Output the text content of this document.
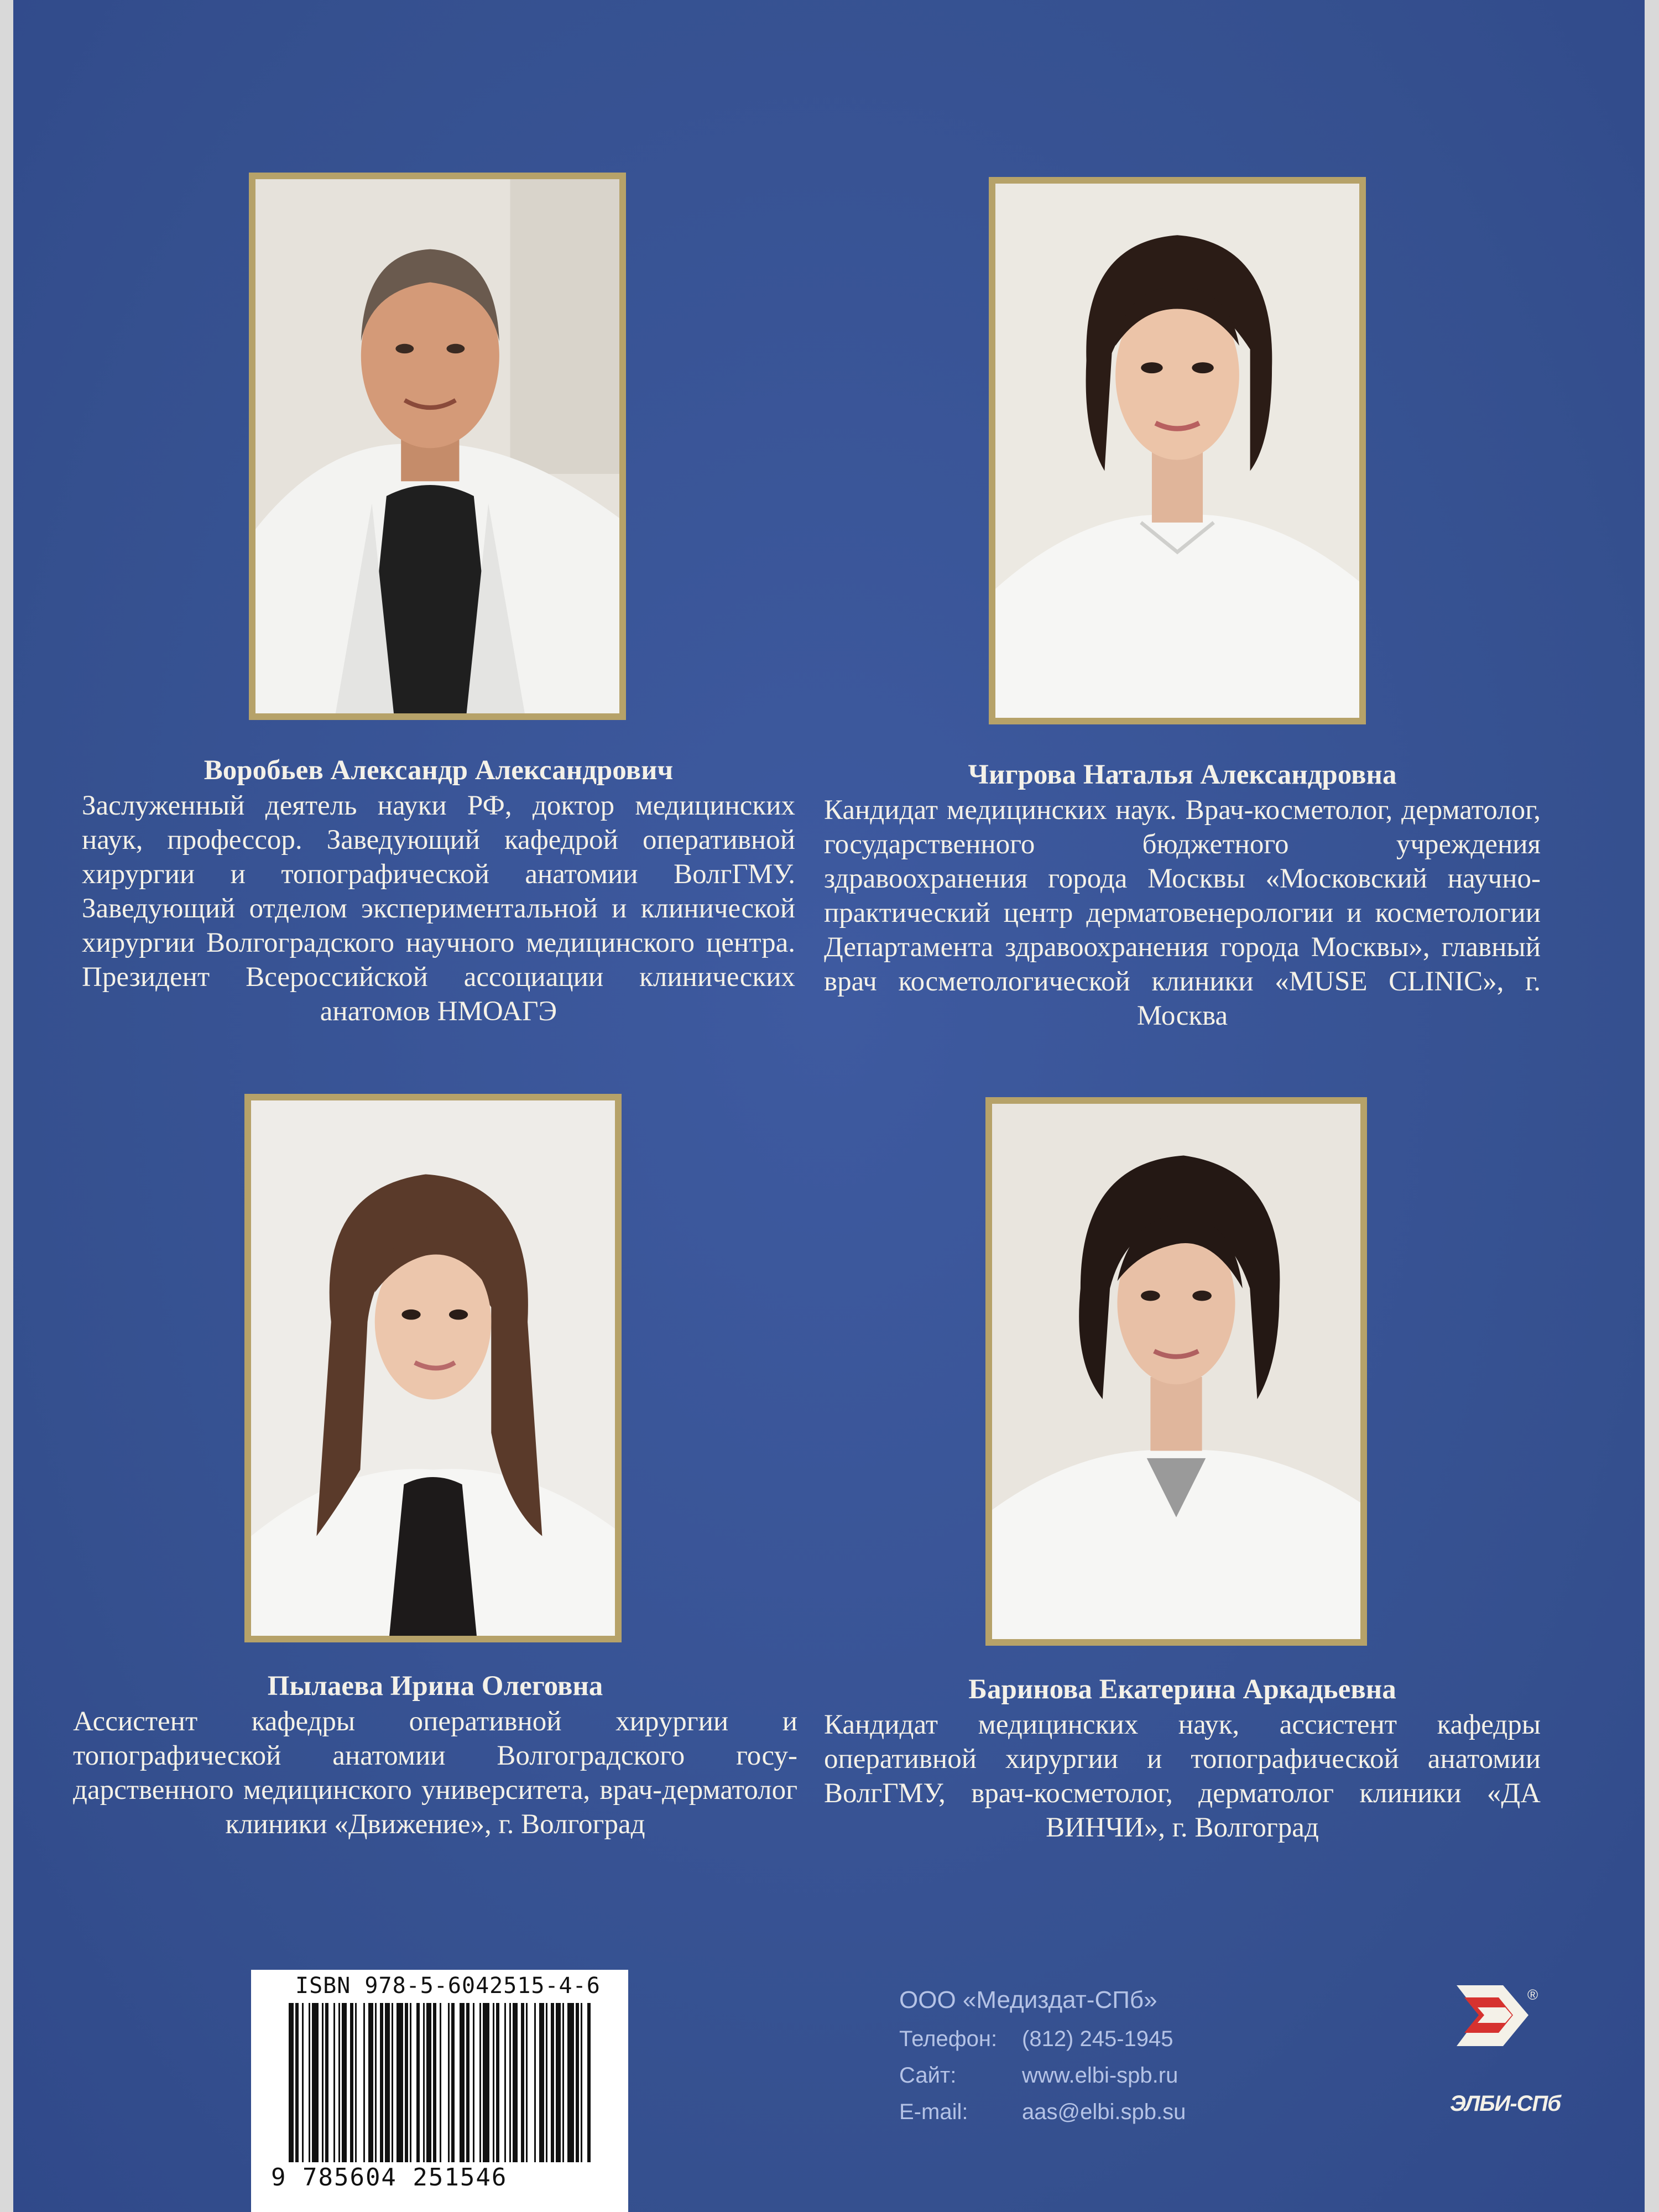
Воробьев Александр Александрович
Заслуженный деятель науки РФ, доктор медицинских наук, профессор. Заведующий кафедрой оперативной хирургии и топографической анатомии ВолгГМУ. Заведующий отделом экспериментальной и клинической хирургии Волгоградского научного медицинского центра. Президент Всероссийской ассоциации клинических анатомов НМОАГЭ
Чигрова Наталья Александровна
Кандидат медицинских наук. Врач-косметолог, дерматолог, государственного бюджетного учреждения здравоохранения города Москвы «Московский научно-практический центр дерматовенерологии и косметологии Департамента здравоохранения города Москвы», главный врач косметологической клиники «MUSE CLINIC», г. Москва
Пылаева Ирина Олеговна
Ассистент кафедры оперативной хирургии и топографической анатомии Волгоградского государственного медицинского университета, врач-дерматолог клиники «Движение», г. Волгоград
Баринова Екатерина Аркадьевна
Кандидат медицинских наук, ассистент кафедры оперативной хирургии и топографической анатомии ВолгГМУ, врач-косметолог, дерматолог клиники «ДА ВИНЧИ», г. Волгоград
ISBN 978-5-6042515-4-6
9 785604 251546
ООО «Медиздат-СПб»
Телефон:	(812) 245-1945
Сайт:	www.elbi-spb.ru
E-mail:	aas@elbi.spb.su
®
ЭЛБИ-СПб
